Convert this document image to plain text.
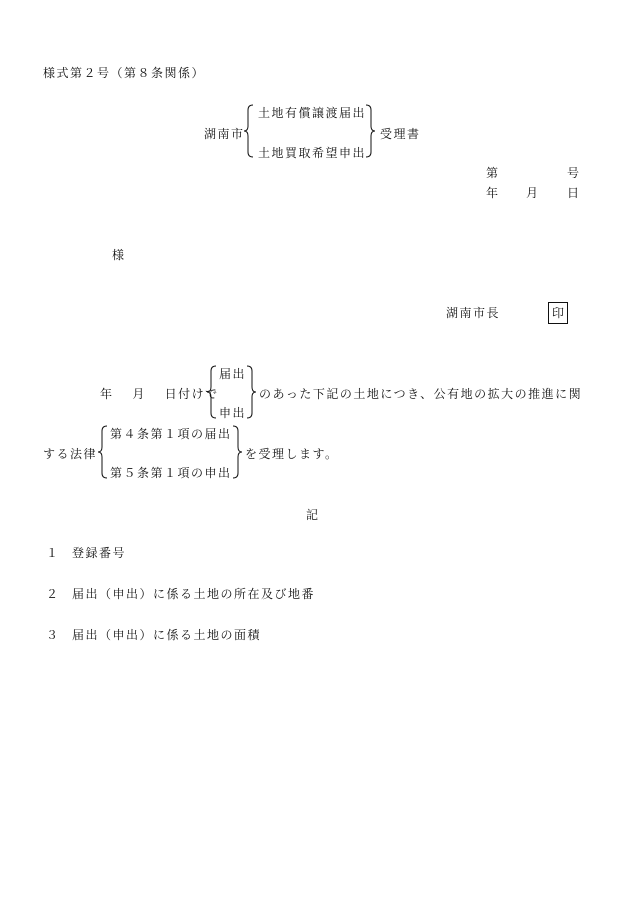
様式第２号（第８条関係）
湖南市
土地有償譲渡届出
土地買取希望申出
受理書
第	号
年 月 日
様
湖南市長	印
年　 月　 日付けで
届出
申出
のあった下記の土地につき、公有地の拡大の推進に関
する法律
第４条第１項の届出
第５条第１項の申出
を受理します。
記
１ 登録番号
２ 届出（申出）に係る土地の所在及び地番
３ 届出（申出）に係る土地の面積
